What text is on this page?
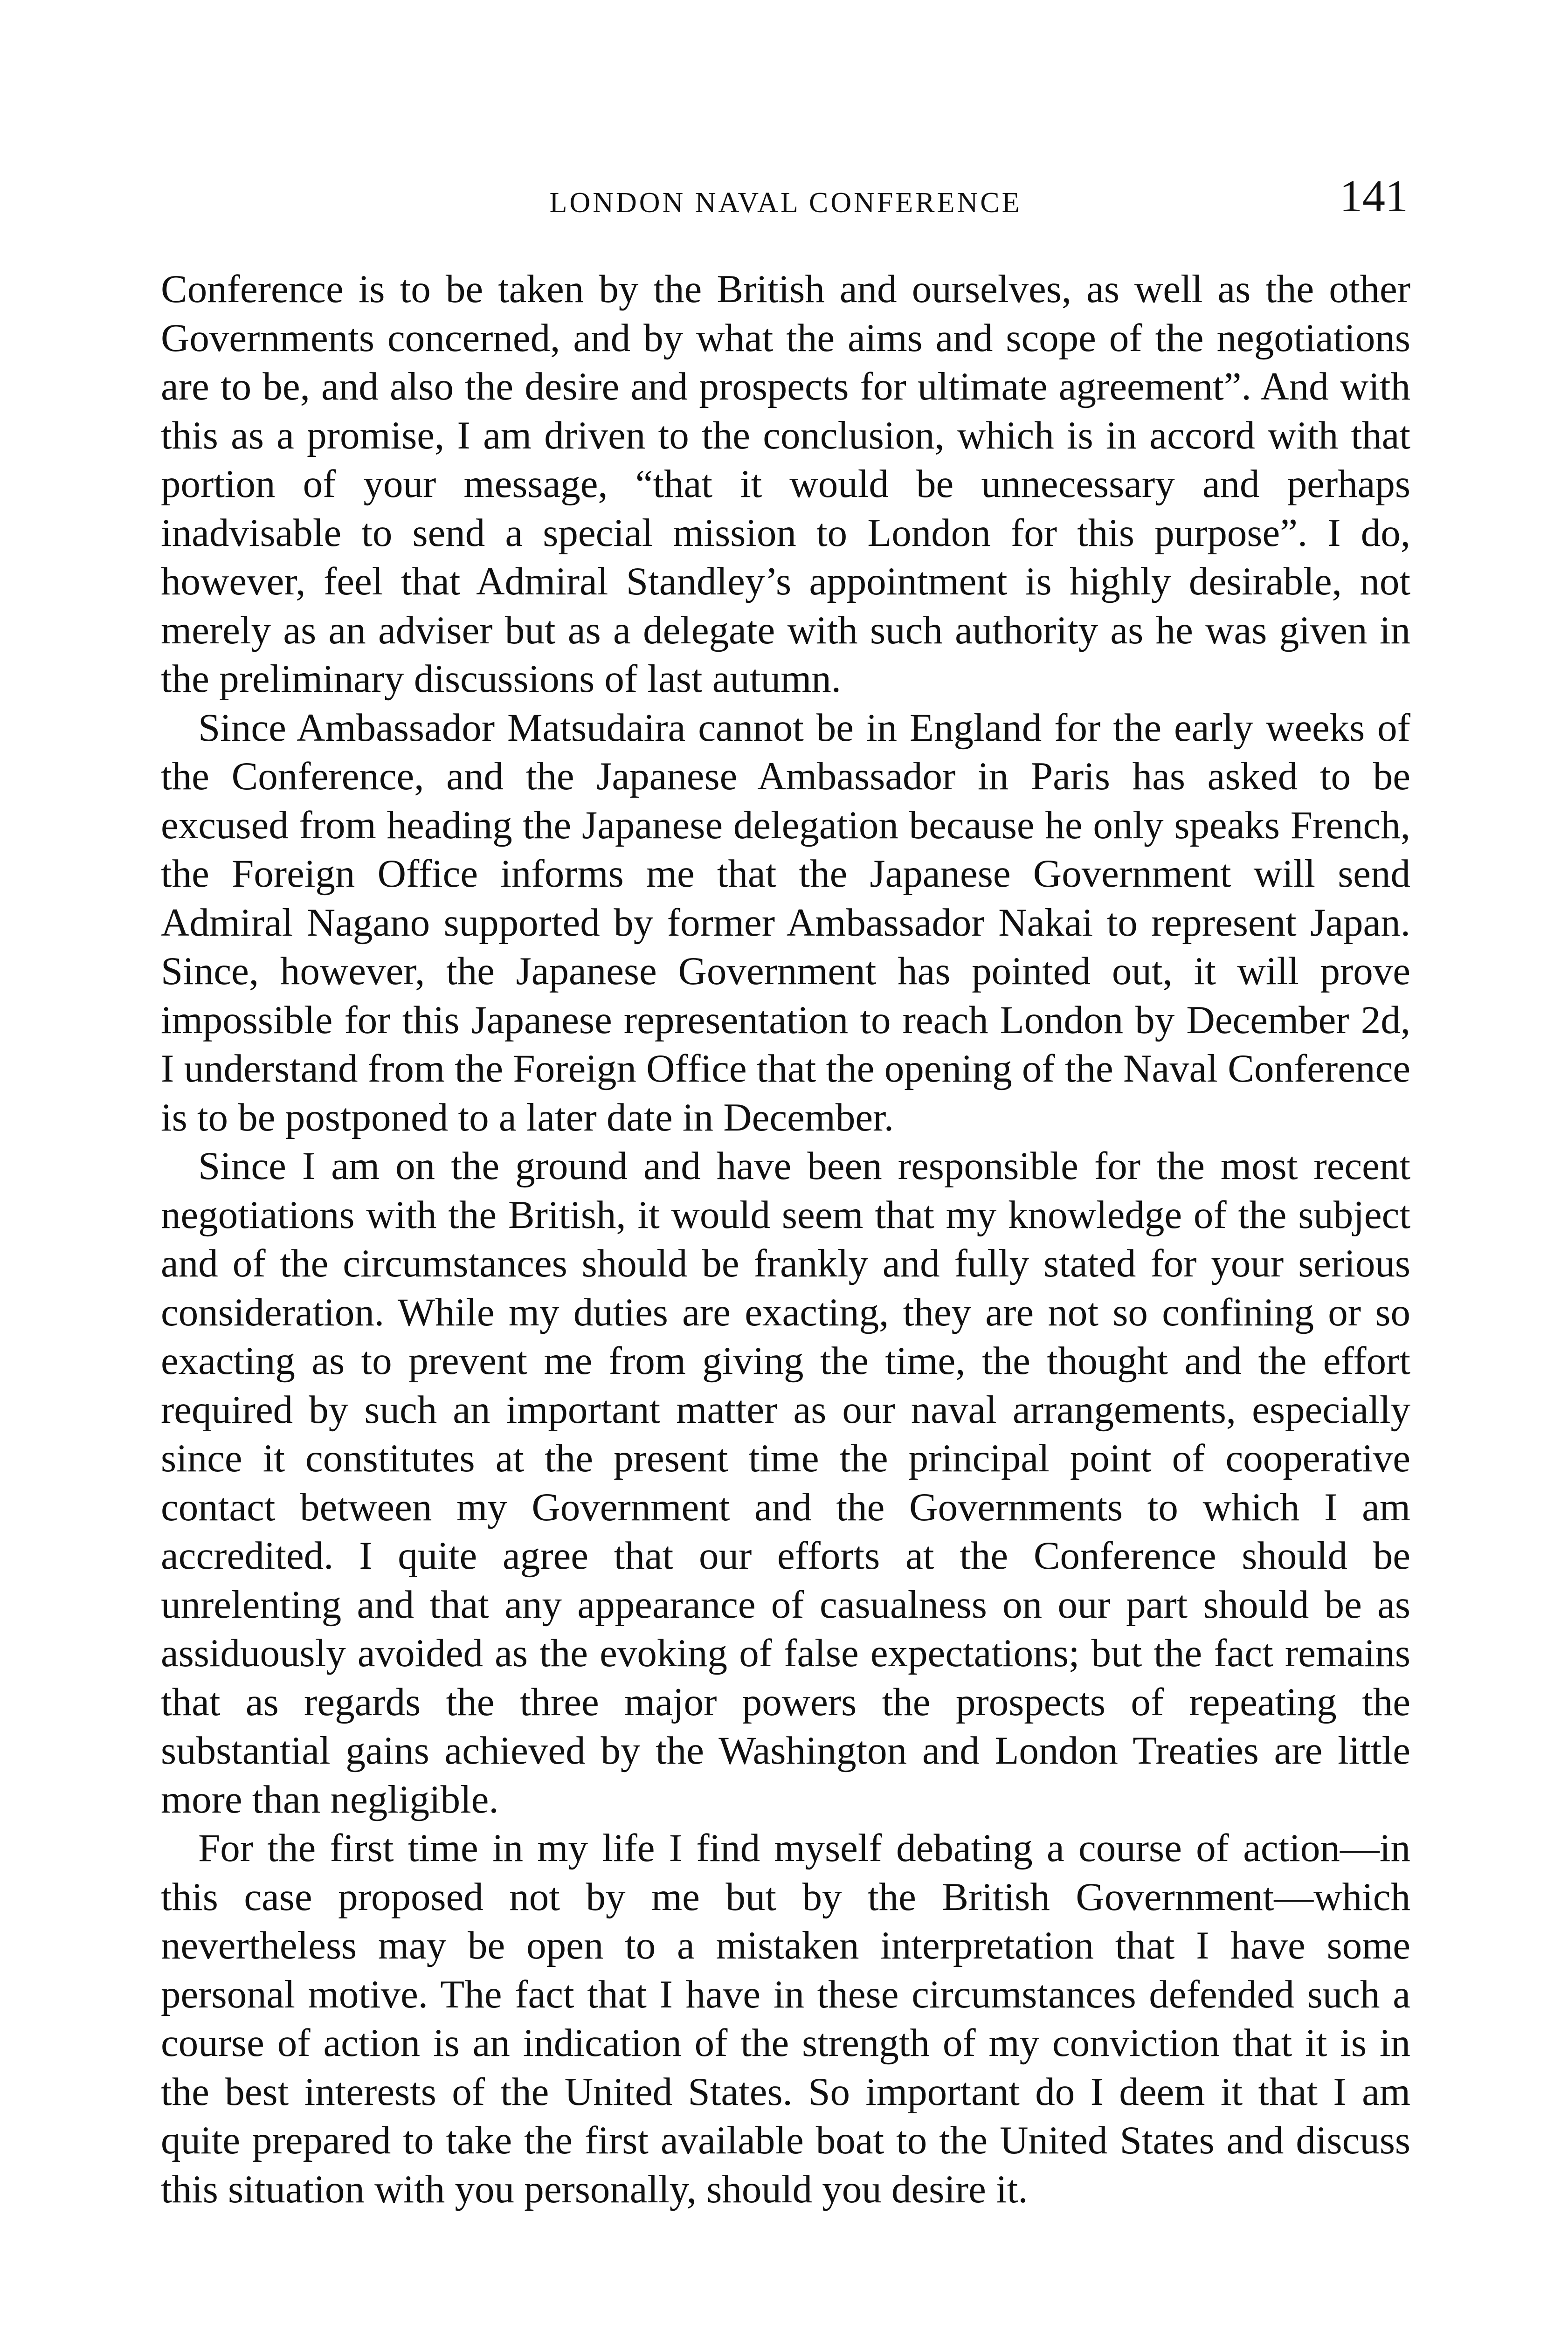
LONDON NAVAL CONFERENCE	141

Conference is to be taken by the British and ourselves, as well as the other Governments concerned, and by what the aims and scope of the negotiations are to be, and also the desire and prospects for ultimate agreement”. And with this as a promise, I am driven to the conclusion, which is in accord with that portion of your message, “that it would be unnecessary and perhaps inadvisable to send a special mission to London for this purpose”. I do, however, feel that Admiral Standley’s appointment is highly desirable, not merely as an adviser but as a delegate with such authority as he was given in the preliminary discussions of last autumn.

Since Ambassador Matsudaira cannot be in England for the early weeks of the Conference, and the Japanese Ambassador in Paris has asked to be excused from heading the Japanese delegation because he only speaks French, the Foreign Office informs me that the Japanese Government will send Admiral Nagano supported by former Ambassador Nakai to represent Japan. Since, however, the Japanese Government has pointed out, it will prove impossible for this Japanese representation to reach London by December 2d, I understand from the Foreign Office that the opening of the Naval Conference is to be postponed to a later date in December.

Since I am on the ground and have been responsible for the most recent negotiations with the British, it would seem that my knowledge of the subject and of the circumstances should be frankly and fully stated for your serious consideration. While my duties are exacting, they are not so confining or so exacting as to prevent me from giving the time, the thought and the effort required by such an important matter as our naval arrangements, especially since it constitutes at the present time the principal point of cooperative contact between my Government and the Governments to which I am accredited. I quite agree that our efforts at the Conference should be unrelenting and that any appearance of casualness on our part should be as assiduously avoided as the evoking of false expectations; but the fact remains that as regards the three major powers the prospects of repeating the substantial gains achieved by the Washington and London Treaties are little more than negligible.

For the first time in my life I find myself debating a course of action—in this case proposed not by me but by the British Government—which nevertheless may be open to a mistaken interpretation that I have some personal motive. The fact that I have in these circumstances defended such a course of action is an indication of the strength of my conviction that it is in the best interests of the United States. So important do I deem it that I am quite prepared to take the first available boat to the United States and discuss this situation with you personally, should you desire it.
